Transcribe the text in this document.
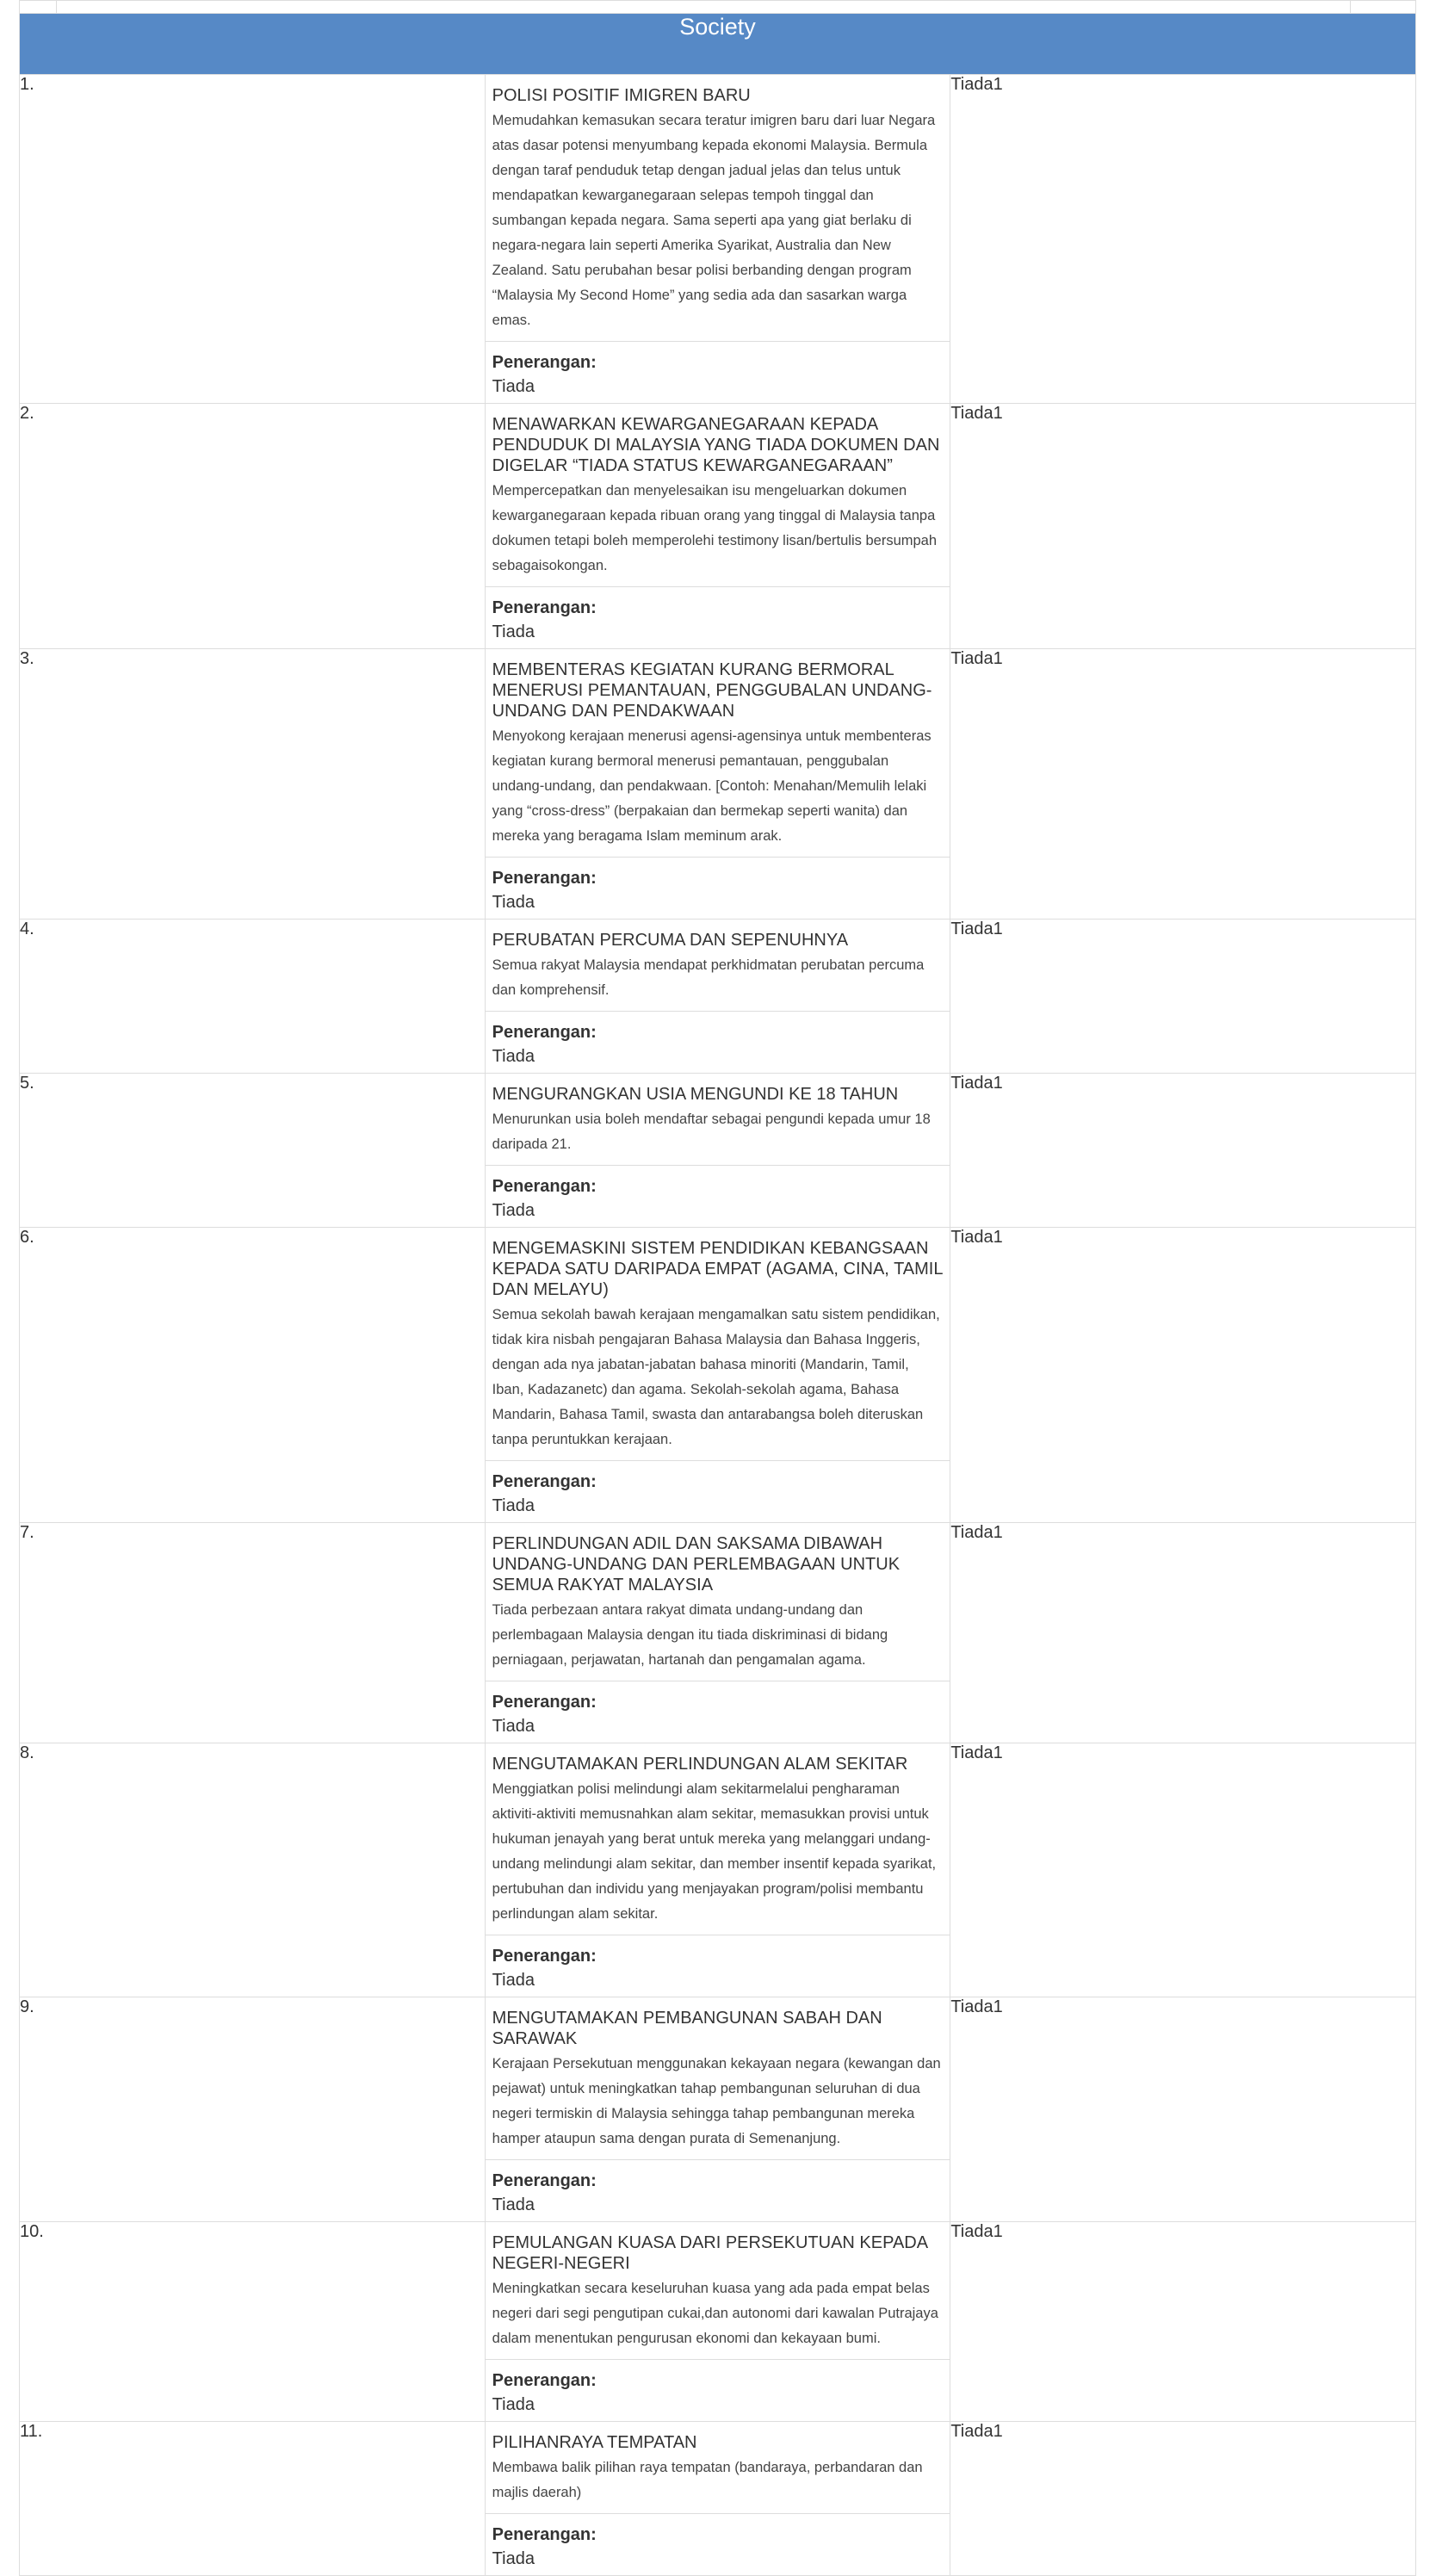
Society		
1.	POLISI POSITIF IMIGREN BARU
Memudahkan kemasukan secara teratur imigren baru dari luar Negara atas dasar potensi menyumbang kepada ekonomi Malaysia. Bermula dengan taraf penduduk tetap dengan jadual jelas dan telus untuk mendapatkan kewarganegaraan selepas tempoh tinggal dan sumbangan kepada negara. Sama seperti apa yang giat berlaku di negara-negara lain seperti Amerika Syarikat, Australia dan New Zealand. Satu perubahan besar polisi berbanding dengan program “Malaysia My Second Home” yang sedia ada dan sasarkan warga emas.
Penerangan:
Tiada	Tiada1
2.	MENAWARKAN KEWARGANEGARAAN KEPADA PENDUDUK DI MALAYSIA YANG TIADA DOKUMEN DAN DIGELAR “TIADA STATUS KEWARGANEGARAAN”
Mempercepatkan dan menyelesaikan isu mengeluarkan dokumen kewarganegaraan kepada ribuan orang yang tinggal di Malaysia tanpa dokumen tetapi boleh memperolehi testimony lisan/bertulis bersumpah sebagaisokongan.
Penerangan:
Tiada	Tiada1
3.	MEMBENTERAS KEGIATAN KURANG BERMORAL MENERUSI PEMANTAUAN, PENGGUBALAN UNDANG-UNDANG DAN PENDAKWAAN
Menyokong kerajaan menerusi agensi-agensinya untuk membenteras kegiatan kurang bermoral menerusi pemantauan, penggubalan undang-undang, dan pendakwaan. [Contoh: Menahan/Memulih lelaki yang “cross-dress” (berpakaian dan bermekap seperti wanita) dan mereka yang beragama Islam meminum arak.
Penerangan:
Tiada	Tiada1
4.	PERUBATAN PERCUMA DAN SEPENUHNYA
Semua rakyat Malaysia mendapat perkhidmatan perubatan percuma dan komprehensif.
Penerangan:
Tiada	Tiada1
5.	MENGURANGKAN USIA MENGUNDI KE 18 TAHUN
Menurunkan usia boleh mendaftar sebagai pengundi kepada umur 18 daripada 21.
Penerangan:
Tiada	Tiada1
6.	MENGEMASKINI SISTEM PENDIDIKAN KEBANGSAAN KEPADA SATU DARIPADA EMPAT (AGAMA, CINA, TAMIL DAN MELAYU)
Semua sekolah bawah kerajaan mengamalkan satu sistem pendidikan, tidak kira nisbah pengajaran Bahasa Malaysia dan Bahasa Inggeris, dengan ada nya jabatan-jabatan bahasa minoriti (Mandarin, Tamil, Iban, Kadazanetc) dan agama. Sekolah-sekolah agama, Bahasa Mandarin, Bahasa Tamil, swasta dan antarabangsa boleh diteruskan tanpa peruntukkan kerajaan.
Penerangan:
Tiada	Tiada1
7.	PERLINDUNGAN ADIL DAN SAKSAMA DIBAWAH UNDANG-UNDANG DAN PERLEMBAGAAN UNTUK SEMUA RAKYAT MALAYSIA
Tiada perbezaan antara rakyat dimata undang-undang dan perlembagaan Malaysia dengan itu tiada diskriminasi di bidang perniagaan, perjawatan, hartanah dan pengamalan agama.
Penerangan:
Tiada	Tiada1
8.	MENGUTAMAKAN PERLINDUNGAN ALAM SEKITAR
Menggiatkan polisi melindungi alam sekitarmelalui pengharaman aktiviti-aktiviti memusnahkan alam sekitar, memasukkan provisi untuk hukuman jenayah yang berat untuk mereka yang melanggari undang-undang melindungi alam sekitar, dan member insentif kepada syarikat, pertubuhan dan individu yang menjayakan program/polisi membantu perlindungan alam sekitar.
Penerangan:
Tiada	Tiada1
9.	MENGUTAMAKAN PEMBANGUNAN SABAH DAN SARAWAK
Kerajaan Persekutuan menggunakan kekayaan negara (kewangan dan pejawat) untuk meningkatkan tahap pembangunan seluruhan di dua negeri termiskin di Malaysia sehingga tahap pembangunan mereka hamper ataupun sama dengan purata di Semenanjung.
Penerangan:
Tiada	Tiada1
10.	PEMULANGAN KUASA DARI PERSEKUTUAN KEPADA NEGERI-NEGERI
Meningkatkan secara keseluruhan kuasa yang ada pada empat belas negeri dari segi pengutipan cukai,dan autonomi dari kawalan Putrajaya dalam menentukan pengurusan ekonomi dan kekayaan bumi.
Penerangan:
Tiada	Tiada1
11.	PILIHANRAYA TEMPATAN
Membawa balik pilihan raya tempatan (bandaraya, perbandaran dan majlis daerah)
Penerangan:
Tiada	Tiada1
